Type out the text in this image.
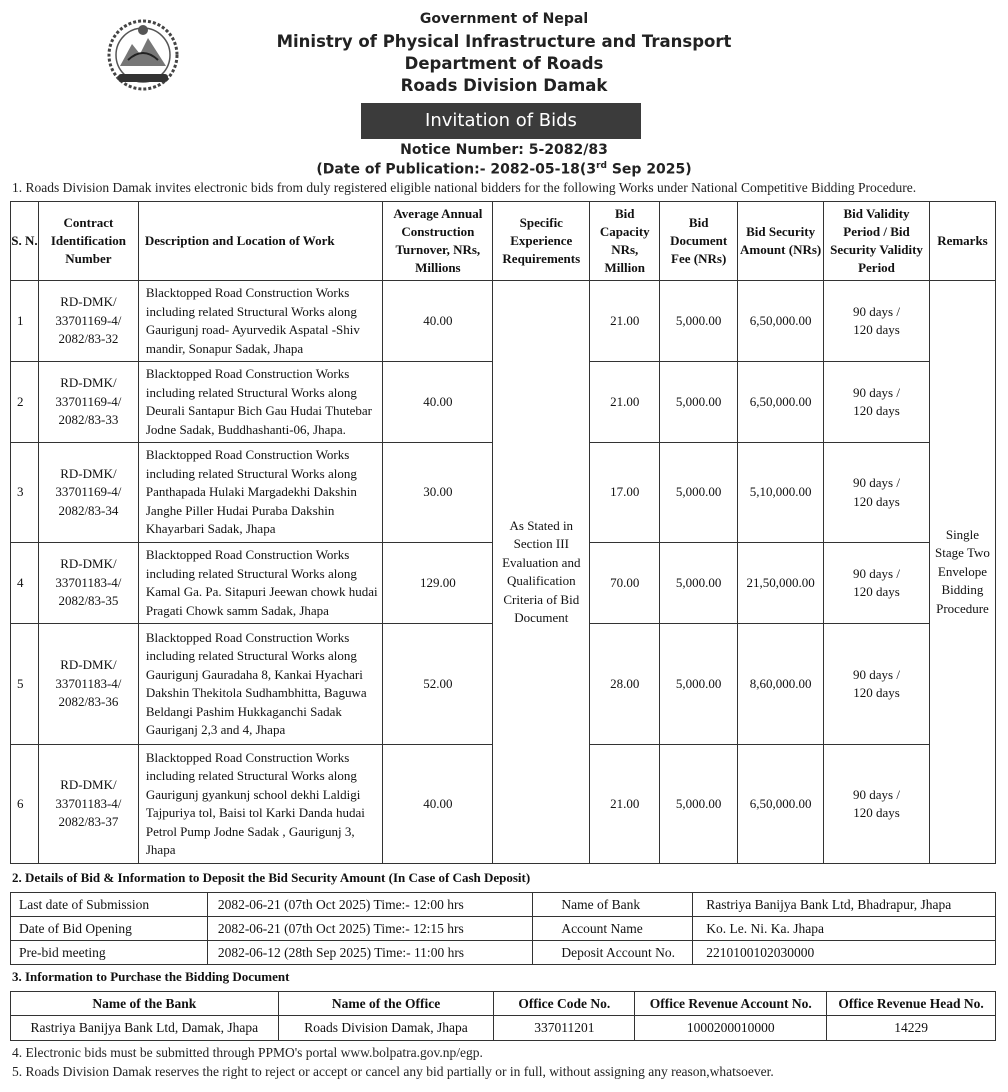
Government of Nepal
Ministry of Physical Infrastructure and Transport
Department of Roads
Roads Division Damak
Invitation of Bids
Notice Number: 5-2082/83
(Date of Publication:- 2082-05-18(3rd Sep 2025)
1. Roads Division Damak invites electronic bids from duly registered eligible national bidders for the following Works under National Competitive Bidding Procedure.
S. N.	Contract Identification Number	Description and Location of Work	Average Annual Construction Turnover, NRs, Millions	Specific Experience Requirements	Bid Capacity NRs, Million	Bid Document Fee (NRs)	Bid Security Amount (NRs)	Bid Validity Period / Bid Security Validity Period	Remarks
1	RD-DMK/ 33701169-4/ 2082/83-32	Blacktopped Road Construction Works including related Structural Works along Gaurigunj road- Ayurvedik Aspatal -Shiv mandir, Sonapur Sadak, Jhapa	40.00	As Stated in Section III Evaluation and Qualification Criteria of Bid Document	21.00	5,000.00	6,50,000.00	90 days / 120 days	Single Stage Two Envelope Bidding Procedure
2	RD-DMK/ 33701169-4/ 2082/83-33	Blacktopped Road Construction Works including related Structural Works along Deurali Santapur Bich Gau Hudai Thutebar Jodne Sadak, Buddhashanti-06, Jhapa.	40.00		21.00	5,000.00	6,50,000.00	90 days / 120 days	
3	RD-DMK/ 33701169-4/ 2082/83-34	Blacktopped Road Construction Works including related Structural Works along Panthapada Hulaki Margadekhi Dakshin Janghe Piller Hudai Puraba Dakshin Khayarbari Sadak, Jhapa	30.00		17.00	5,000.00	5,10,000.00	90 days / 120 days	
4	RD-DMK/ 33701183-4/ 2082/83-35	Blacktopped Road Construction Works including related Structural Works along Kamal Ga. Pa. Sitapuri Jeewan chowk hudai Pragati Chowk samm Sadak, Jhapa	129.00		70.00	5,000.00	21,50,000.00	90 days / 120 days	
5	RD-DMK/ 33701183-4/ 2082/83-36	Blacktopped Road Construction Works including related Structural Works along Gaurigunj Gauradaha 8, Kankai Hyachari Dakshin Thekitola Sudhambhitta, Baguwa Beldangi Pashim Hukkaganchi Sadak Gauriganj 2,3 and 4, Jhapa	52.00		28.00	5,000.00	8,60,000.00	90 days / 120 days	
6	RD-DMK/ 33701183-4/ 2082/83-37	Blacktopped Road Construction Works including related Structural Works along Gaurigunj gyankunj school dekhi Laldigi Tajpuriya tol, Baisi tol Karki Danda hudai Petrol Pump Jodne Sadak , Gaurigunj 3, Jhapa	40.00		21.00	5,000.00	6,50,000.00	90 days / 120 days	
2. Details of Bid & Information to Deposit the Bid Security Amount (In Case of Cash Deposit)
Last date of Submission	2082-06-21 (07th Oct 2025) Time:- 12:00 hrs	Name of Bank	Rastriya Banijya Bank Ltd, Bhadrapur, Jhapa
Date of Bid Opening	2082-06-21 (07th Oct 2025) Time:- 12:15 hrs	Account Name	Ko. Le. Ni. Ka. Jhapa
Pre-bid meeting	2082-06-12 (28th Sep 2025) Time:- 11:00 hrs	Deposit Account No.	2210100102030000
3. Information to Purchase the Bidding Document
Name of the Bank	Name of the Office	Office Code No.	Office Revenue Account No.	Office Revenue Head No.
Rastriya Banijya Bank Ltd, Damak, Jhapa	Roads Division Damak, Jhapa	337011201	1000200010000	14229
4. Electronic bids must be submitted through PPMO's portal www.bolpatra.gov.np/egp.
5. Roads Division Damak reserves the right to reject or accept or cancel any bid partially or in full, without assigning any reason,whatsoever.
